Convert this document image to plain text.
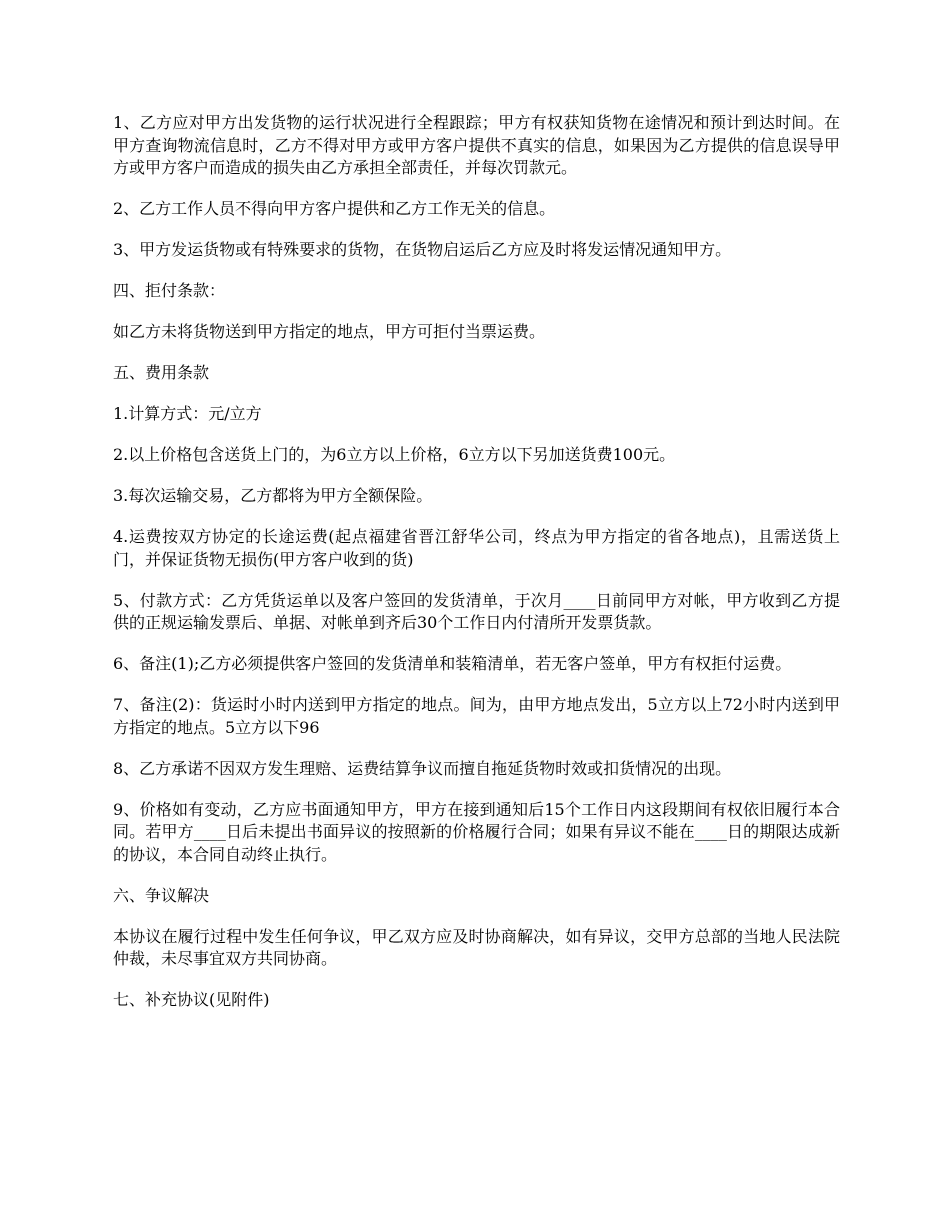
1、乙方应对甲方出发货物的运行状况进行全程跟踪；甲方有权获知货物在途情况和预计到达时间。在甲方查询物流信息时，乙方不得对甲方或甲方客户提供不真实的信息，如果因为乙方提供的信息误导甲方或甲方客户而造成的损失由乙方承担全部责任，并每次罚款元。

2、乙方工作人员不得向甲方客户提供和乙方工作无关的信息。

3、甲方发运货物或有特殊要求的货物，在货物启运后乙方应及时将发运情况通知甲方。

四、拒付条款：

如乙方未将货物送到甲方指定的地点，甲方可拒付当票运费。

五、费用条款

1.计算方式：元/立方

2.以上价格包含送货上门的，为6立方以上价格，6立方以下另加送货费100元。

3.每次运输交易，乙方都将为甲方全额保险。

4.运费按双方协定的长途运费(起点福建省晋江舒华公司，终点为甲方指定的省各地点)，且需送货上门，并保证货物无损伤(甲方客户收到的货)

5、付款方式：乙方凭货运单以及客户签回的发货清单，于次月____日前同甲方对帐，甲方收到乙方提供的正规运输发票后、单据、对帐单到齐后30个工作日内付清所开发票货款。

6、备注(1);乙方必须提供客户签回的发货清单和装箱清单，若无客户签单，甲方有权拒付运费。

7、备注(2)：货运时小时内送到甲方指定的地点。间为，由甲方地点发出，5立方以上72小时内送到甲方指定的地点。5立方以下96

8、乙方承诺不因双方发生理赔、运费结算争议而擅自拖延货物时效或扣货情况的出现。

9、价格如有变动，乙方应书面通知甲方，甲方在接到通知后15个工作日内这段期间有权依旧履行本合同。若甲方____日后未提出书面异议的按照新的价格履行合同；如果有异议不能在____日的期限达成新的协议，本合同自动终止执行。

六、争议解决

本协议在履行过程中发生任何争议，甲乙双方应及时协商解决，如有异议，交甲方总部的当地人民法院仲裁，未尽事宜双方共同协商。

七、补充协议(见附件)
